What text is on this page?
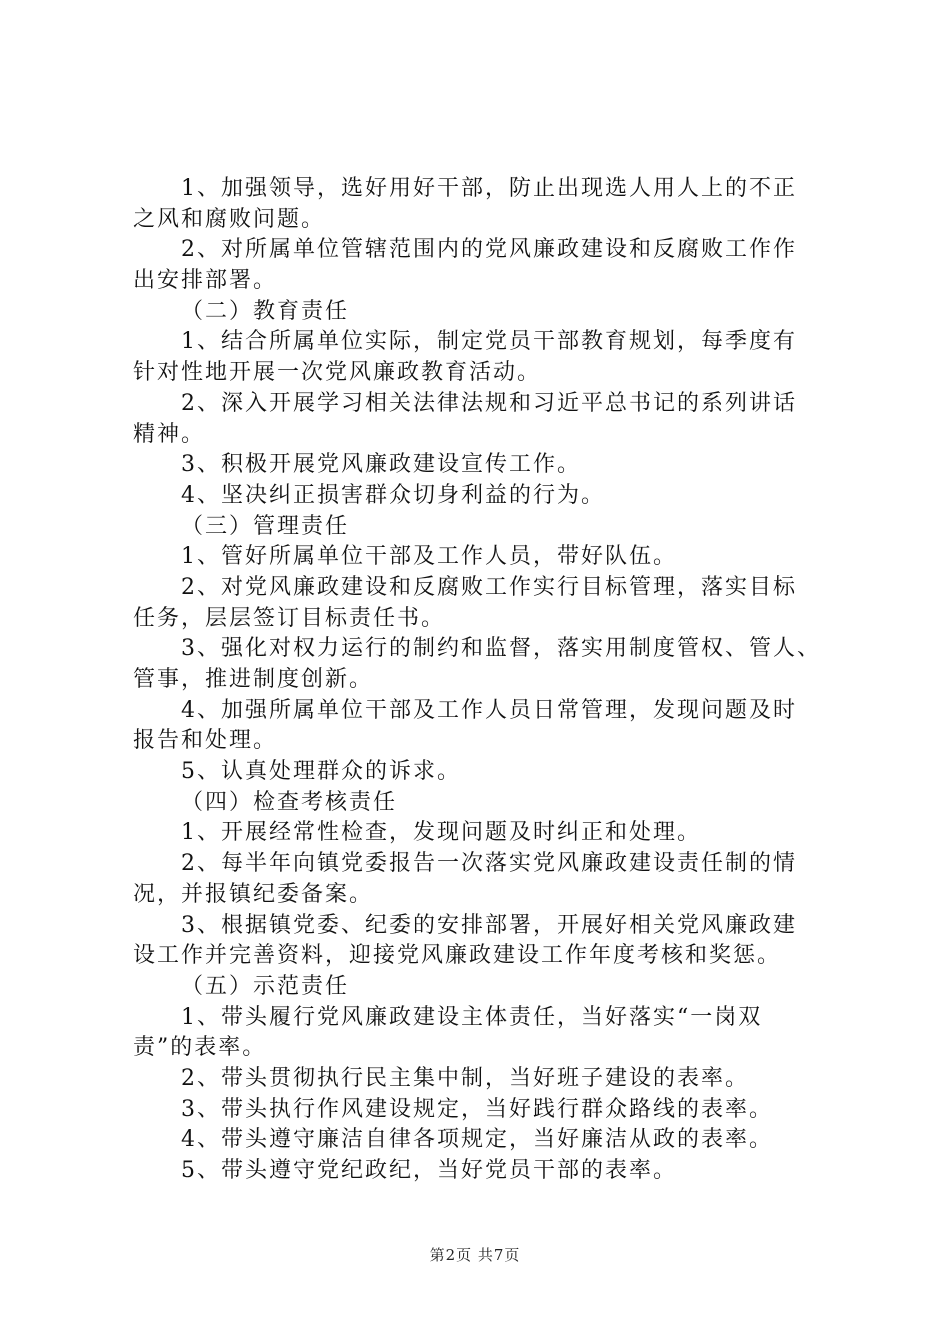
1、加强领导，选好用好干部，防止出现选人用人上的不正
之风和腐败问题。
2、对所属单位管辖范围内的党风廉政建设和反腐败工作作
出安排部署。
（二）教育责任
1、结合所属单位实际，制定党员干部教育规划，每季度有
针对性地开展一次党风廉政教育活动。
2、深入开展学习相关法律法规和习近平总书记的系列讲话
精神。
3、积极开展党风廉政建设宣传工作。
4、坚决纠正损害群众切身利益的行为。
（三）管理责任
1、管好所属单位干部及工作人员，带好队伍。
2、对党风廉政建设和反腐败工作实行目标管理，落实目标
任务，层层签订目标责任书。
3、强化对权力运行的制约和监督，落实用制度管权、管人、
管事，推进制度创新。
4、加强所属单位干部及工作人员日常管理，发现问题及时
报告和处理。
5、认真处理群众的诉求。
（四）检查考核责任
1、开展经常性检查，发现问题及时纠正和处理。
2、每半年向镇党委报告一次落实党风廉政建设责任制的情
况，并报镇纪委备案。
3、根据镇党委、纪委的安排部署，开展好相关党风廉政建
设工作并完善资料，迎接党风廉政建设工作年度考核和奖惩。
（五）示范责任
1、带头履行党风廉政建设主体责任，当好落实“一岗双
责”的表率。
2、带头贯彻执行民主集中制，当好班子建设的表率。
3、带头执行作风建设规定，当好践行群众路线的表率。
4、带头遵守廉洁自律各项规定，当好廉洁从政的表率。
5、带头遵守党纪政纪，当好党员干部的表率。
第2页 共7页
